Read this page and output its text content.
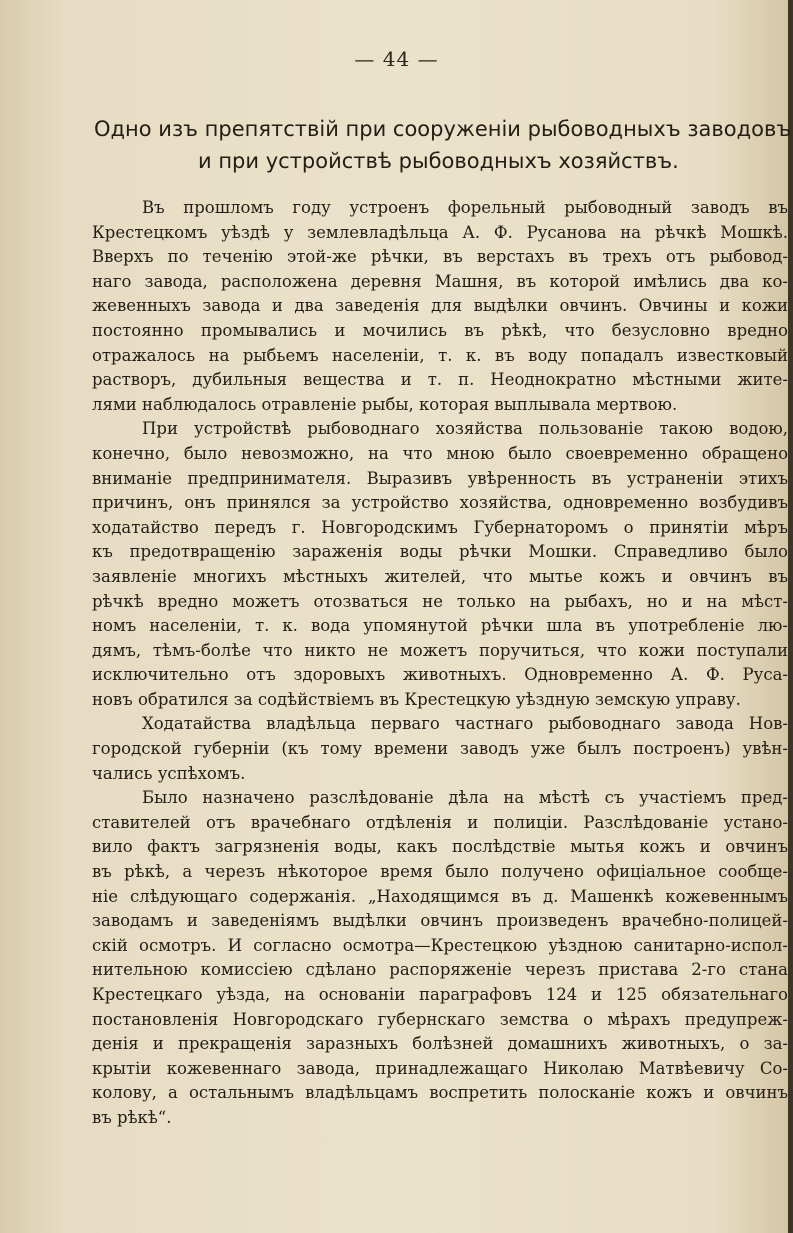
— 44 —
Одно изъ препятствій при сооруженіи рыбоводныхъ заводовъ
и при устройствѣ рыбоводныхъ хозяйствъ.
Въ прошломъ году устроенъ форельный рыбоводный заводъ въ
Крестецкомъ уѣздѣ у землевладѣльца А. Ф. Русанова на рѣчкѣ Мошкѣ.
Вверхъ по теченію этой-же рѣчки, въ верстахъ въ трехъ отъ рыбовод-
наго завода, расположена деревня Машня, въ которой имѣлись два ко-
жевенныхъ завода и два заведенія для выдѣлки овчинъ. Овчины и кожи
постоянно промывались и мочились въ рѣкѣ, что безусловно вредно
отражалось на рыбьемъ населеніи, т. к. въ воду попадалъ известковый
растворъ, дубильныя вещества и т. п. Неоднократно мѣстными жите-
лями наблюдалось отравленіе рыбы, которая выплывала мертвою.
При устройствѣ рыбоводнаго хозяйства пользованіе такою водою,
конечно, было невозможно, на что мною было своевременно обращено
вниманіе предпринимателя. Выразивъ увѣренность въ устраненіи этихъ
причинъ, онъ принялся за устройство хозяйства, одновременно возбудивъ
ходатайство передъ г. Новгородскимъ Губернаторомъ о принятіи мѣръ
къ предотвращенію зараженія воды рѣчки Мошки. Справедливо было
заявленіе многихъ мѣстныхъ жителей, что мытье кожъ и овчинъ въ
рѣчкѣ вредно можетъ отозваться не только на рыбахъ, но и на мѣст-
номъ населеніи, т. к. вода упомянутой рѣчки шла въ употребленіе лю-
дямъ, тѣмъ-болѣе что никто не можетъ поручиться, что кожи поступали
исключительно отъ здоровыхъ животныхъ. Одновременно А. Ф. Руса-
новъ обратился за содѣйствіемъ въ Крестецкую уѣздную земскую управу.
Ходатайства владѣльца перваго частнаго рыбоводнаго завода Нов-
городской губерніи (къ тому времени заводъ уже былъ построенъ) увѣн-
чались успѣхомъ.
Было назначено разслѣдованіе дѣла на мѣстѣ съ участіемъ пред-
ставителей отъ врачебнаго отдѣленія и полиціи. Разслѣдованіе устано-
вило фактъ загрязненія воды, какъ послѣдствіе мытья кожъ и овчинъ
въ рѣкѣ, а черезъ нѣкоторое время было получено офиціальное сообще-
ніе слѣдующаго содержанія. „Находящимся въ д. Машенкѣ кожевеннымъ
заводамъ и заведеніямъ выдѣлки овчинъ произведенъ врачебно-полицей-
скій осмотръ. И согласно осмотра—Крестецкою уѣздною санитарно-испол-
нительною комиссіею сдѣлано распоряженіе черезъ пристава 2-го стана
Крестецкаго уѣзда, на основаніи параграфовъ 124 и 125 обязательнаго
постановленія Новгородскаго губернскаго земства о мѣрахъ предупреж-
денія и прекращенія заразныхъ болѣзней домашнихъ животныхъ, о за-
крытіи кожевеннаго завода, принадлежащаго Николаю Матвѣевичу Со-
колову, а остальнымъ владѣльцамъ воспретить полосканіе кожъ и овчинъ
въ рѣкѣ“.
